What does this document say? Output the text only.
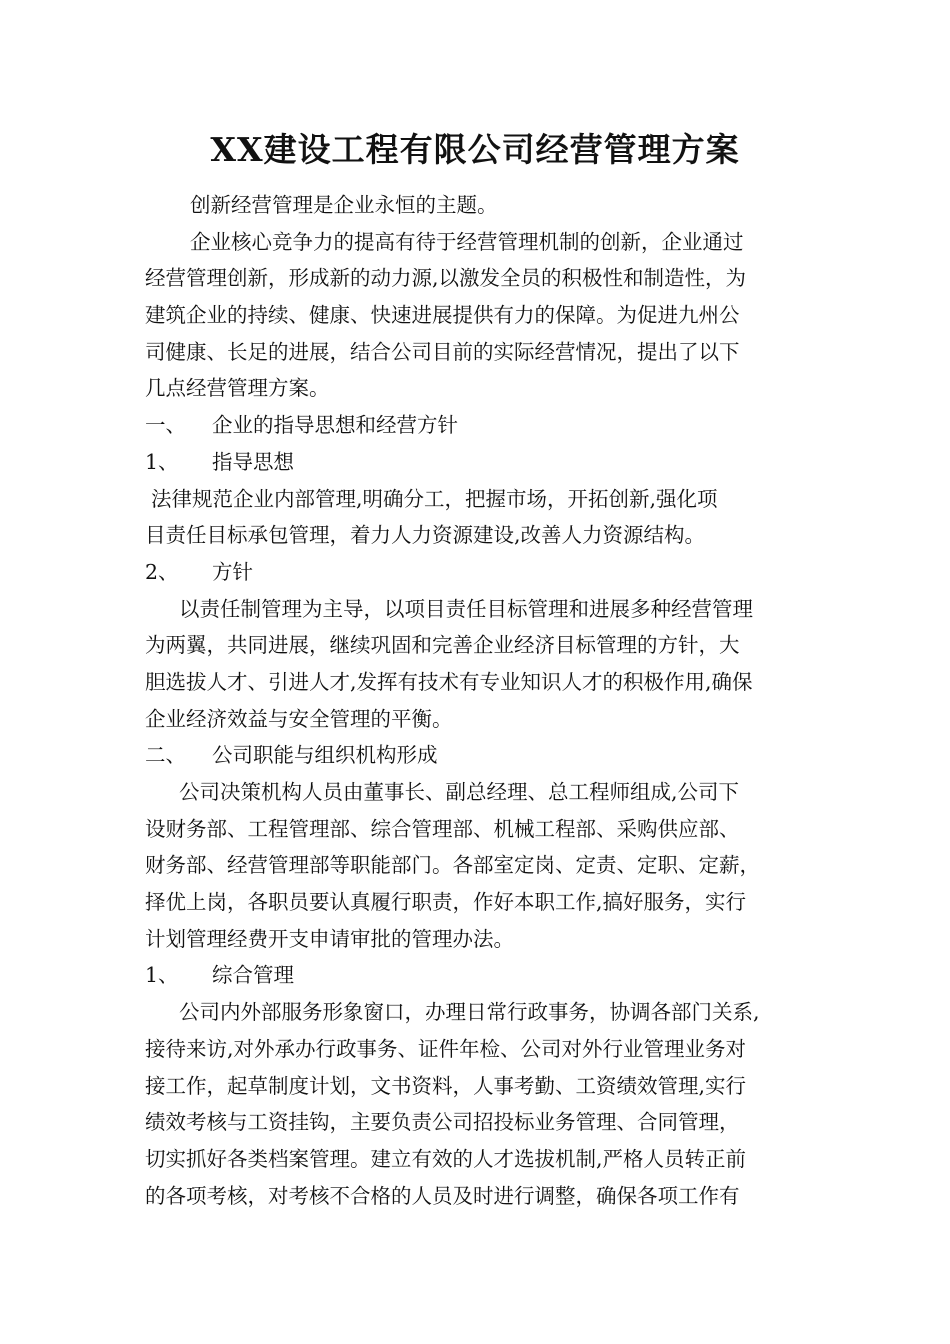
XX建设工程有限公司经营管理方案
创新经营管理是企业永恒的主题。
企业核心竞争力的提高有待于经营管理机制的创新，企业通过
经营管理创新，形成新的动力源,以激发全员的积极性和制造性，为
建筑企业的持续、健康、快速进展提供有力的保障。为促进九州公
司健康、长足的进展，结合公司目前的实际经营情况，提出了以下
几点经营管理方案。
一、	企业的指导思想和经营方针
1、	指导思想
法律规范企业内部管理,明确分工，把握市场，开拓创新,强化项
目责任目标承包管理，着力人力资源建设,改善人力资源结构。
2、	方针
以责任制管理为主导，以项目责任目标管理和进展多种经营管理
为两翼，共同进展，继续巩固和完善企业经济目标管理的方针，大
胆选拔人才、引进人才,发挥有技术有专业知识人才的积极作用,确保
企业经济效益与安全管理的平衡。
二、	公司职能与组织机构形成
公司决策机构人员由董事长、副总经理、总工程师组成,公司下
设财务部、工程管理部、综合管理部、机械工程部、采购供应部、
财务部、经营管理部等职能部门。各部室定岗、定责、定职、定薪，
择优上岗，各职员要认真履行职责，作好本职工作,搞好服务，实行
计划管理经费开支申请审批的管理办法。
1、	综合管理
公司内外部服务形象窗口，办理日常行政事务，协调各部门关系,
接待来访,对外承办行政事务、证件年检、公司对外行业管理业务对
接工作，起草制度计划，文书资料，人事考勤、工资绩效管理,实行
绩效考核与工资挂钩，主要负责公司招投标业务管理、合同管理，
切实抓好各类档案管理。建立有效的人才选拔机制,严格人员转正前
的各项考核，对考核不合格的人员及时进行调整，确保各项工作有
